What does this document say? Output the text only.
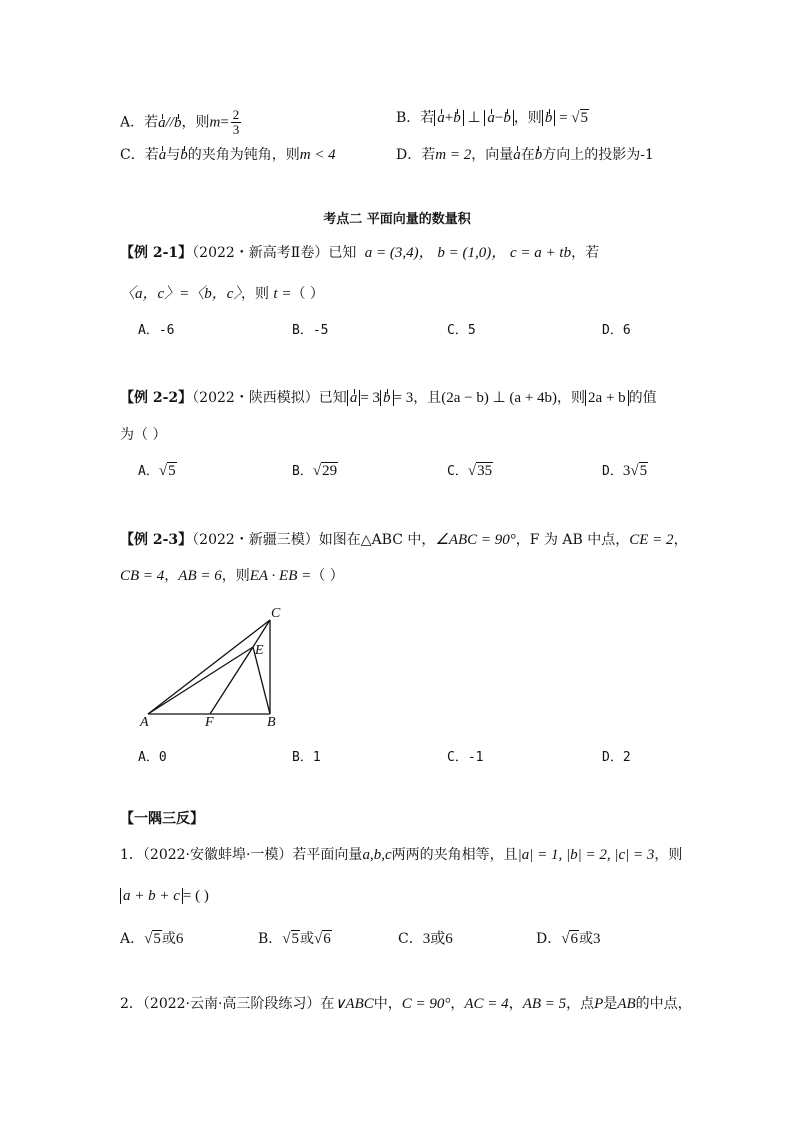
A．若a//b，则$m= \frac{2}{3}$	B．若 a+b ⊥ a−b ，则 b = √5
C．若a与b的夹角为钝角，则m < 4	D．若m = 2，向量a在b方向上的投影为-1
考点二 平面向量的数量积
【例 2-1】（2022・新高考Ⅱ卷）已知 a = (3,4)， b = (1,0)， c = a + tb，若
〈a，c〉=〈b，c〉，则 t =（ ）
A．-6	B．-5	C．5	D．6
【例 2-2】（2022・陕西模拟）已知 a = 3 b = 3，且(2a − b) ⊥ (a + 4b)，则 2a + b 的值
为（ ）
A．√5	B．√29	C．√35	D．3√5
【例 2-3】（2022・新疆三模）如图在△ABC 中，∠ABC = 90°，F 为 AB 中点，CE = 2，
CB = 4，AB = 6，则EA · EB =（ ）
C
E
A	F	B
A．0	B．1	C．-1	D．2
【一隅三反】
1．（2022·安徽蚌埠·一模）若平面向量a,b,c两两的夹角相等，且|a| = 1, |b| = 2, |c| = 3，则
a + b + c = ( )
A．√5或6	B．√5或√6	C．3或6	D．√6或3
2．（2022·云南·高三阶段练习）在∨ABC中，C = 90°，AC = 4，AB = 5，点P是AB的中点，
